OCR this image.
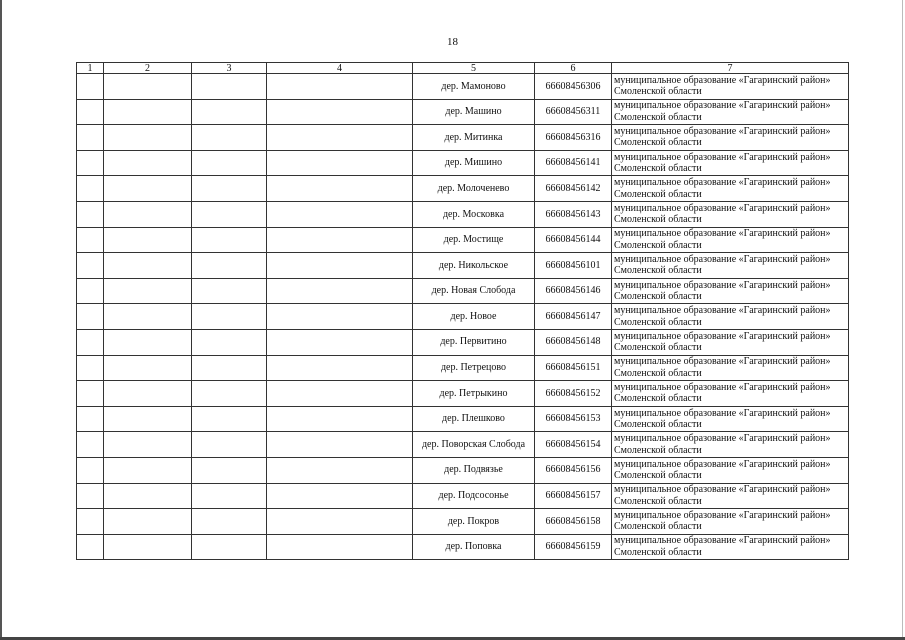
18
1	2	3	4	5	6	7
				дер. Мамоново	66608456306	муниципальное образование «Гагаринский район»
Смоленской области

				дер. Машино	66608456311	муниципальное образование «Гагаринский район»
Смоленской области

				дер. Митинка	66608456316	муниципальное образование «Гагаринский район»
Смоленской области

				дер. Мишино	66608456141	муниципальное образование «Гагаринский район»
Смоленской области

				дер. Молоченево	66608456142	муниципальное образование «Гагаринский район»
Смоленской области

				дер. Московка	66608456143	муниципальное образование «Гагаринский район»
Смоленской области

				дер. Мостище	66608456144	муниципальное образование «Гагаринский район»
Смоленской области

				дер. Никольское	66608456101	муниципальное образование «Гагаринский район»
Смоленской области

				дер. Новая Слобода	66608456146	муниципальное образование «Гагаринский район»
Смоленской области

				дер. Новое	66608456147	муниципальное образование «Гагаринский район»
Смоленской области

				дер. Первитино	66608456148	муниципальное образование «Гагаринский район»
Смоленской области

				дер. Петрецово	66608456151	муниципальное образование «Гагаринский район»
Смоленской области

				дер. Петрыкино	66608456152	муниципальное образование «Гагаринский район»
Смоленской области

				дер. Плешково	66608456153	муниципальное образование «Гагаринский район»
Смоленской области

				дер. Поворская Слобода	66608456154	муниципальное образование «Гагаринский район»
Смоленской области

				дер. Подвязье	66608456156	муниципальное образование «Гагаринский район»
Смоленской области

				дер. Подсосонье	66608456157	муниципальное образование «Гагаринский район»
Смоленской области

				дер. Покров	66608456158	муниципальное образование «Гагаринский район»
Смоленской области

				дер. Поповка	66608456159	муниципальное образование «Гагаринский район»
Смоленской области
